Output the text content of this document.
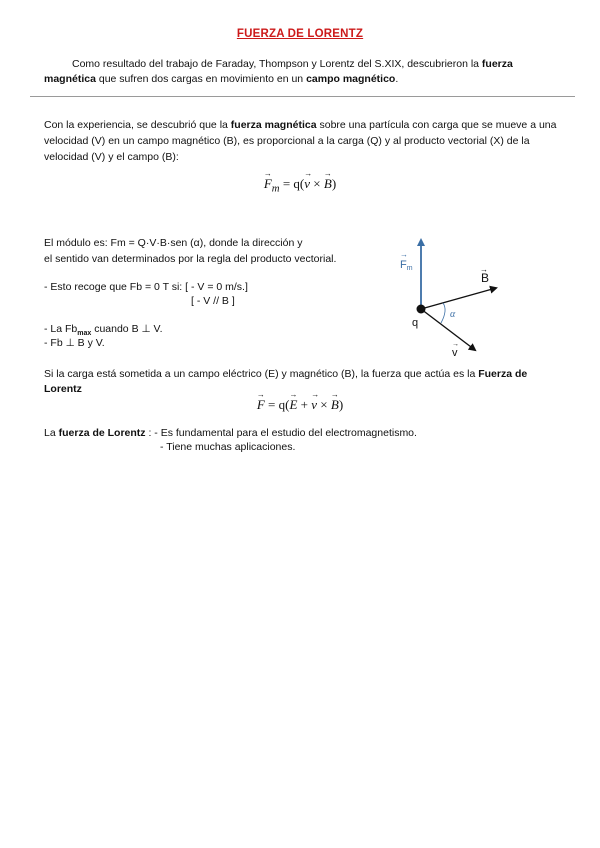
FUERZA DE LORENTZ
Como resultado del trabajo de Faraday, Thompson y Lorentz del S.XIX, descubrieron la fuerza magnética que sufren dos cargas en movimiento en un campo magnético.
Con la experiencia, se descubrió que la fuerza magnética sobre una partícula con carga que se mueve a una velocidad (V) en un campo magnético (B), es proporcional a la carga (Q) y al producto vectorial (X) de la velocidad (V) y el campo (B):
→
$F_m = q$(
→
v ×
→
B)
El módulo es: Fm = Q·V·B·sen (α), donde la dirección y
el sentido van determinados por la regla del producto vectorial.
- Esto recoge que Fb = 0 T si: [ - V = 0 m/s.]
[ - V // B ]
- La $Fb_{max}$ cuando B ⊥ V.
- Fb ⊥ B y V.
Fm
→
B
→
q
α
v
→
Si la carga está sometida a un campo eléctrico (E) y magnético (B), la fuerza que actúa es la Fuerza de Lorentz	→
F = q(
→
E +
→
v ×
→
B)
La fuerza de Lorentz : - Es fundamental para el estudio del electromagnetismo.
- Tiene muchas aplicaciones.
